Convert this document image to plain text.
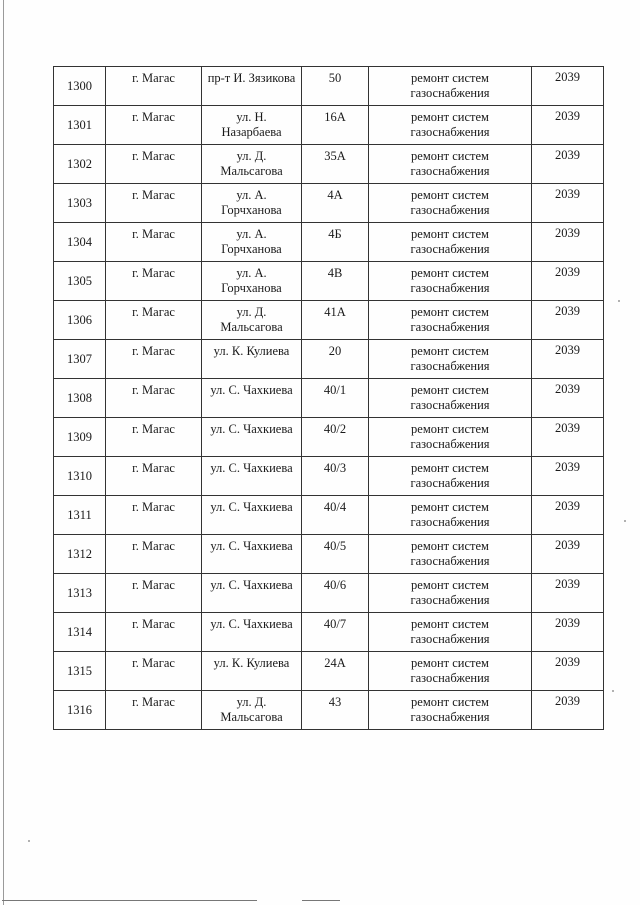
1300	г. Магас	пр-т И. Зязикова	50	ремонт систем газоснабжения	2039
1301	г. Магас	ул. Н. Назарбаева	16А	ремонт систем газоснабжения	2039
1302	г. Магас	ул. Д. Мальсагова	35А	ремонт систем газоснабжения	2039
1303	г. Магас	ул. А. Горчханова	4А	ремонт систем газоснабжения	2039
1304	г. Магас	ул. А. Горчханова	4Б	ремонт систем газоснабжения	2039
1305	г. Магас	ул. А. Горчханова	4В	ремонт систем газоснабжения	2039
1306	г. Магас	ул. Д. Мальсагова	41А	ремонт систем газоснабжения	2039
1307	г. Магас	ул. К. Кулиева	20	ремонт систем газоснабжения	2039
1308	г. Магас	ул. С. Чахкиева	40/1	ремонт систем газоснабжения	2039
1309	г. Магас	ул. С. Чахкиева	40/2	ремонт систем газоснабжения	2039
1310	г. Магас	ул. С. Чахкиева	40/3	ремонт систем газоснабжения	2039
1311	г. Магас	ул. С. Чахкиева	40/4	ремонт систем газоснабжения	2039
1312	г. Магас	ул. С. Чахкиева	40/5	ремонт систем газоснабжения	2039
1313	г. Магас	ул. С. Чахкиева	40/6	ремонт систем газоснабжения	2039
1314	г. Магас	ул. С. Чахкиева	40/7	ремонт систем газоснабжения	2039
1315	г. Магас	ул. К. Кулиева	24А	ремонт систем газоснабжения	2039
1316	г. Магас	ул. Д. Мальсагова	43	ремонт систем газоснабжения	2039
